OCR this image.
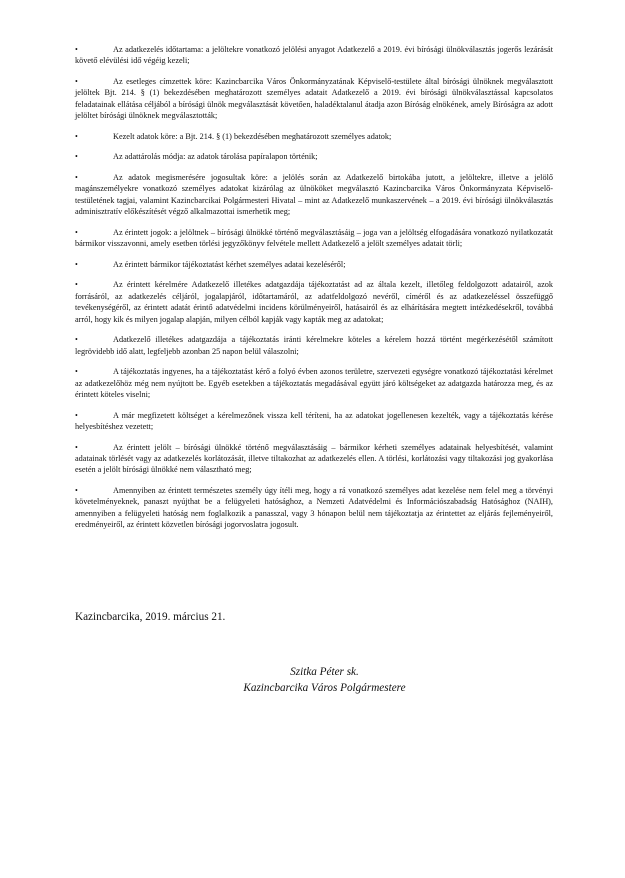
•	Az adatkezelés időtartama: a jelöltekre vonatkozó jelölési anyagot Adatkezelő a 2019. évi bírósági ülnökválasztás jogerős lezárását követő elévülési idő végéig kezeli;
•	Az esetleges címzettek köre: Kazincbarcika Város Önkormányzatának Képviselő-testülete által bírósági ülnöknek megválasztott jelöltek Bjt. 214. § (1) bekezdésében meghatározott személyes adatait Adatkezelő a 2019. évi bírósági ülnökválasztással kapcsolatos feladatainak ellátása céljából a bírósági ülnök megválasztását követően, haladéktalanul átadja azon Bíróság elnökének, amely Bíróságra az adott jelöltet bírósági ülnöknek megválasztották;
•	Kezelt adatok köre: a Bjt. 214. § (1) bekezdésében meghatározott személyes adatok;
•	Az adattárolás módja: az adatok tárolása papíralapon történik;
•	Az adatok megismerésére jogosultak köre: a jelölés során az Adatkezelő birtokába jutott, a jelöltekre, illetve a jelölő magánszemélyekre vonatkozó személyes adatokat kizárólag az ülnököket megválasztó Kazincbarcika Város Önkormányzata Képviselő-testületének tagjai, valamint Kazincbarcikai Polgármesteri Hivatal – mint az Adatkezelő munkaszervének – a 2019. évi bírósági ülnökválasztás adminisztratív előkészítését végző alkalmazottai ismerhetik meg;
•	Az érintett jogok: a jelöltnek – bírósági ülnökké történő megválasztásáig – joga van a jelöltség elfogadására vonatkozó nyilatkozatát bármikor visszavonni, amely esetben törlési jegyzőkönyv felvétele mellett Adatkezelő a jelölt személyes adatait törli;
•	Az érintett bármikor tájékoztatást kérhet személyes adatai kezeléséről;
•	Az érintett kérelmére Adatkezelő illetékes adatgazdája tájékoztatást ad az általa kezelt, illetőleg feldolgozott adatairól, azok forrásáról, az adatkezelés céljáról, jogalapjáról, időtartamáról, az adatfeldolgozó nevéről, címéről és az adatkezeléssel összefüggő tevékenységéről, az érintett adatát érintő adatvédelmi incidens körülményeiről, hatásairól és az elhárítására megtett intézkedésekről, továbbá arról, hogy kik és milyen jogalap alapján, milyen célból kapják vagy kapták meg az adatokat;
•	Adatkezelő illetékes adatgazdája a tájékoztatás iránti kérelmekre köteles a kérelem hozzá történt megérkezésétől számított legrövidebb idő alatt, legfeljebb azonban 25 napon belül válaszolni;
•	A tájékoztatás ingyenes, ha a tájékoztatást kérő a folyó évben azonos területre, szervezeti egységre vonatkozó tájékoztatási kérelmet az adatkezelőhöz még nem nyújtott be. Egyéb esetekben a tájékoztatás megadásával együtt járó költségeket az adatgazda határozza meg, és az érintett köteles viselni;
•	A már megfizetett költséget a kérelmezőnek vissza kell téríteni, ha az adatokat jogellenesen kezelték, vagy a tájékoztatás kérése helyesbítéshez vezetett;
•	Az érintett jelölt – bírósági ülnökké történő megválasztásáig – bármikor kérheti személyes adatainak helyesbítését, valamint adatainak törlését vagy az adatkezelés korlátozását, illetve tiltakozhat az adatkezelés ellen. A törlési, korlátozási vagy tiltakozási jog gyakorlása esetén a jelölt bírósági ülnökké nem választható meg;
•	Amennyiben az érintett természetes személy úgy ítéli meg, hogy a rá vonatkozó személyes adat kezelése nem felel meg a törvényi követelményeknek, panaszt nyújthat be a felügyeleti hatósághoz, a Nemzeti Adatvédelmi és Információszabadság Hatósághoz (NAIH), amennyiben a felügyeleti hatóság nem foglalkozik a panasszal, vagy 3 hónapon belül nem tájékoztatja az érintettet az eljárás fejleményeiről, eredményeiről, az érintett közvetlen bírósági jogorvoslatra jogosult.
Kazincbarcika, 2019. március 21.
Szitka Péter sk.
Kazincbarcika Város Polgármestere
